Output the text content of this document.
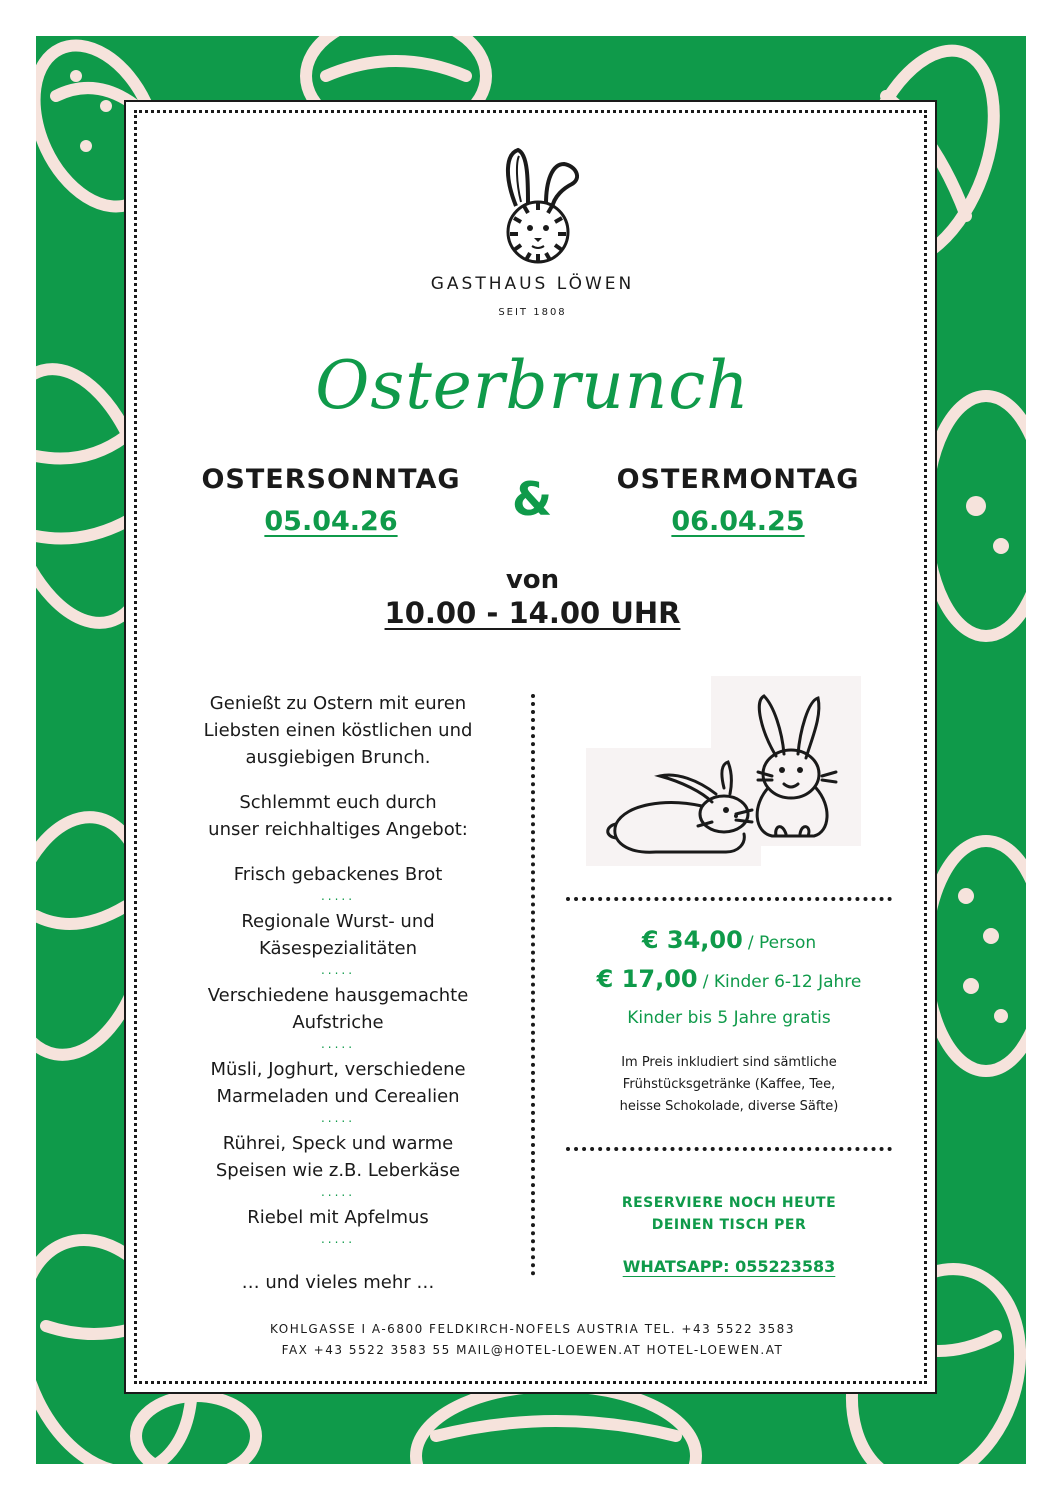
GASTHAUS LÖWEN
SEIT 1808
Osterbrunch
OSTERSONNTAG
05.04.26	&	OSTERMONTAG
06.04.25
von
10.00 - 14.00 UHR

Genießt zu Ostern mit euren

Liebsten einen köstlichen und

ausgiebigen Brunch.

Schlemmt euch durch

unser reichhaltiges Angebot:

Frisch gebackenes Brot

.....

Regionale Wurst- und

Käsespezialitäten

.....

Verschiedene hausgemachte

Aufstriche

.....

Müsli, Joghurt, verschiedene

Marmeladen und Cerealien

.....

Rührei, Speck und warme

Speisen wie z.B. Leberkäse

.....

Riebel mit Apfelmus

.....

… und vieles mehr …

€ 34,00 / Person
€ 17,00 / Kinder 6-12 Jahre
Kinder bis 5 Jahre gratis
Im Preis inkludiert sind sämtliche
Frühstücksgetränke (Kaffee, Tee,
heisse Schokolade, diverse Säfte)
RESERVIERE NOCH HEUTE
DEINEN TISCH PER
WHATSAPP: 055223583
KOHLGASSE I A-6800 FELDKIRCH-NOFELS AUSTRIA TEL. +43 5522 3583
FAX +43 5522 3583 55 MAIL@HOTEL-LOEWEN.AT HOTEL-LOEWEN.AT
